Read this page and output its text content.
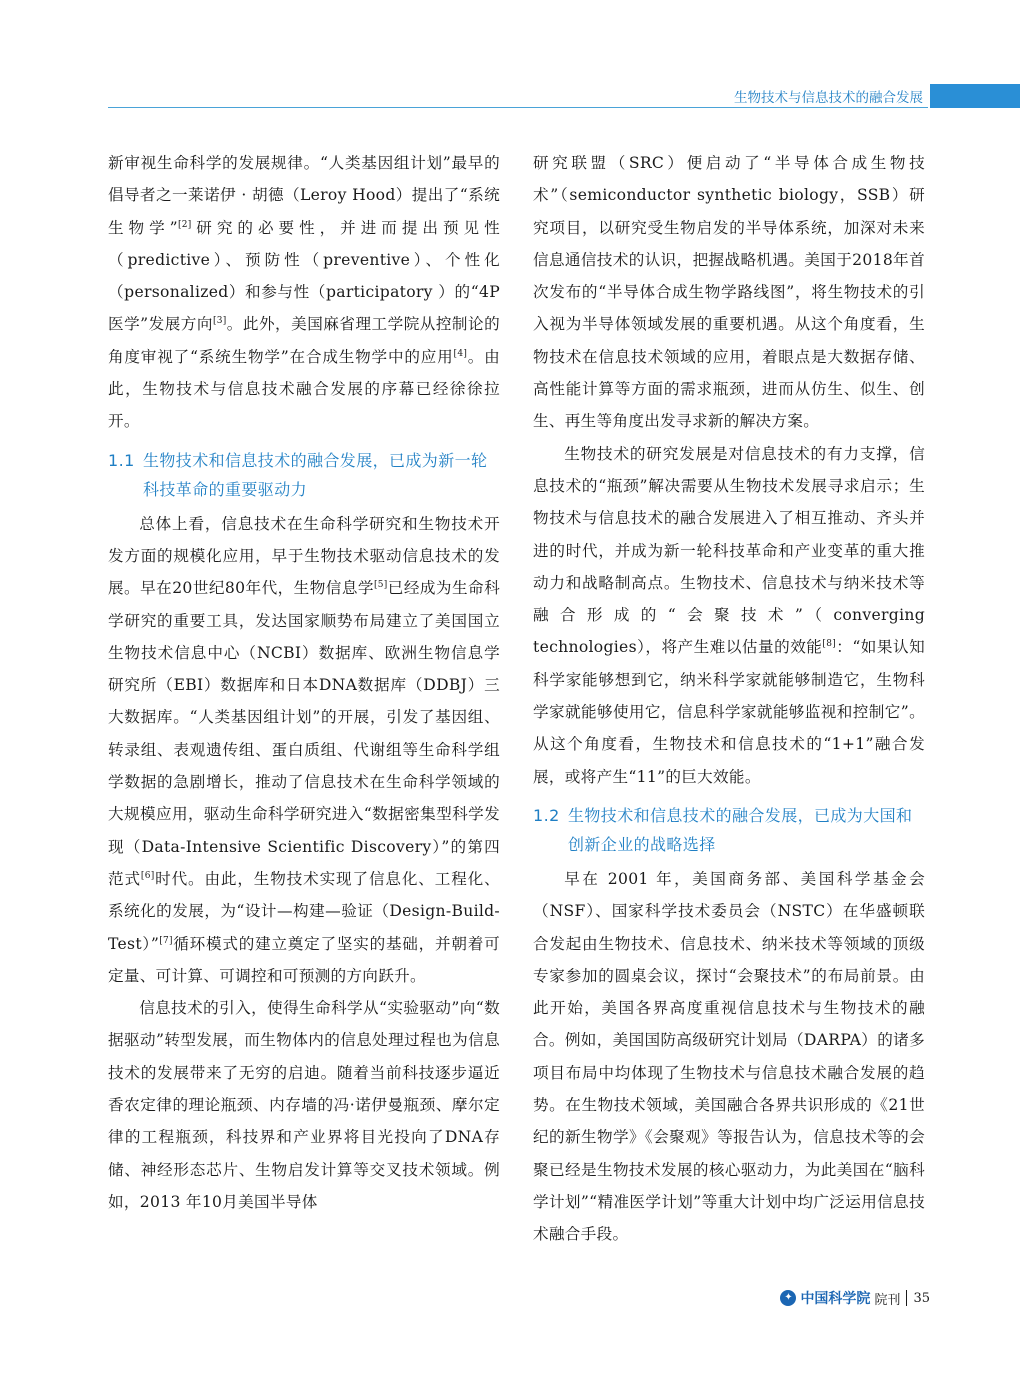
生物技术与信息技术的融合发展

新审视生命科学的发展规律。“人类基因组计划”最早的倡导者之一莱诺伊 · 胡德（Leroy Hood）提出了“系统生物学”[2]研究的必要性，并进而提出预见性（predictive）、预防性（preventive）、个性化（personalized）和参与性（participatory ）的“4P医学”发展方向[3]。此外，美国麻省理工学院从控制论的角度审视了“系统生物学”在合成生物学中的应用[4]。由此，生物技术与信息技术融合发展的序幕已经徐徐拉开。

1.1 生物技术和信息技术的融合发展，已成为新一轮科技革命的重要驱动力

总体上看，信息技术在生命科学研究和生物技术开发方面的规模化应用，早于生物技术驱动信息技术的发展。早在20世纪80年代，生物信息学[5]已经成为生命科学研究的重要工具，发达国家顺势布局建立了美国国立生物技术信息中心（NCBI）数据库、欧洲生物信息学研究所（EBI）数据库和日本DNA数据库（DDBJ）三大数据库。“人类基因组计划”的开展，引发了基因组、转录组、表观遗传组、蛋白质组、代谢组等生命科学组学数据的急剧增长，推动了信息技术在生命科学领域的大规模应用，驱动生命科学研究进入“数据密集型科学发现（Data-Intensive Scientific Discovery）”的第四范式[6]时代。由此，生物技术实现了信息化、工程化、系统化的发展，为“设计—构建—验证（Design-Build-Test）”[7]循环模式的建立奠定了坚实的基础，并朝着可定量、可计算、可调控和可预测的方向跃升。

信息技术的引入，使得生命科学从“实验驱动”向“数据驱动”转型发展，而生物体内的信息处理过程也为信息技术的发展带来了无穷的启迪。随着当前科技逐步逼近香农定律的理论瓶颈、内存墙的冯·诺伊曼瓶颈、摩尔定律的工程瓶颈，科技界和产业界将目光投向了DNA存储、神经形态芯片、生物启发计算等交叉技术领域。例如，2013 年10月美国半导体

研究联盟（SRC）便启动了“半导体合成生物技术”（semiconductor synthetic biology，SSB）研究项目，以研究受生物启发的半导体系统，加深对未来信息通信技术的认识，把握战略机遇。美国于2018年首次发布的“半导体合成生物学路线图”，将生物技术的引入视为半导体领域发展的重要机遇。从这个角度看，生物技术在信息技术领域的应用，着眼点是大数据存储、高性能计算等方面的需求瓶颈，进而从仿生、似生、创生、再生等角度出发寻求新的解决方案。

生物技术的研究发展是对信息技术的有力支撑，信息技术的“瓶颈”解决需要从生物技术发展寻求启示；生物技术与信息技术的融合发展进入了相互推动、齐头并进的时代，并成为新一轮科技革命和产业变革的重大推动力和战略制高点。生物技术、信息技术与纳米技术等融合形成的“会聚技术”（converging technologies），将产生难以估量的效能[8]：“如果认知科学家能够想到它，纳米科学家就能够制造它，生物科学家就能够使用它，信息科学家就能够监视和控制它”。从这个角度看，生物技术和信息技术的“1+1”融合发展，或将产生“11”的巨大效能。

1.2 生物技术和信息技术的融合发展，已成为大国和创新企业的战略选择

早在 2001 年，美国商务部、美国科学基金会（NSF）、国家科学技术委员会（NSTC）在华盛顿联合发起由生物技术、信息技术、纳米技术等领域的顶级专家参加的圆桌会议，探讨“会聚技术”的布局前景。由此开始，美国各界高度重视信息技术与生物技术的融合。例如，美国国防高级研究计划局（DARPA）的诸多项目布局中均体现了生物技术与信息技术融合发展的趋势。在生物技术领域，美国融合各界共识形成的《21世纪的新生物学》《会聚观》等报告认为，信息技术等的会聚已经是生物技术发展的核心驱动力，为此美国在“脑科学计划”“精准医学计划”等重大计划中均广泛运用信息技术融合手段。

✦ 中国科学院 院刊 35
